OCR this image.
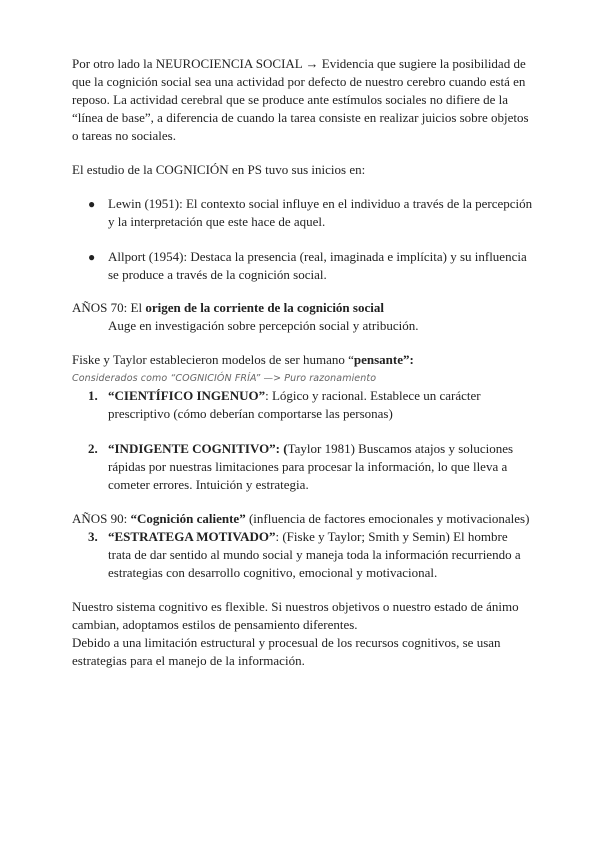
Por otro lado la NEUROCIENCIA SOCIAL → Evidencia que sugiere la posibilidad de

que la cognición social sea una actividad por defecto de nuestro cerebro cuando está en

reposo. La actividad cerebral que se produce ante estímulos sociales no difiere de la

“línea de base”, a diferencia de cuando la tarea consiste en realizar juicios sobre objetos

o tareas no sociales.

El estudio de la COGNICIÓN en PS tuvo sus inicios en:

● Lewin (1951): El contexto social influye en el individuo a través de la percepción

y la interpretación que este hace de aquel.

● Allport (1954): Destaca la presencia (real, imaginada e implícita) y su influencia

se produce a través de la cognición social.

AÑOS 70: El origen de la corriente de la cognición social

Auge en investigación sobre percepción social y atribución.

Fiske y Taylor establecieron modelos de ser humano “pensante”:

Considerados como “COGNICIÓN FRÍA” —> Puro razonamiento
1. “CIENTÍFICO INGENUO”: Lógico y racional. Establece un carácter

prescriptivo (cómo deberían comportarse las personas)

2. “INDIGENTE COGNITIVO”: (Taylor 1981) Buscamos atajos y soluciones

rápidas por nuestras limitaciones para procesar la información, lo que lleva a

cometer errores. Intuición y estrategia.

AÑOS 90: “Cognición caliente” (influencia de factores emocionales y motivacionales)

3. “ESTRATEGA MOTIVADO”: (Fiske y Taylor; Smith y Semin) El hombre

trata de dar sentido al mundo social y maneja toda la información recurriendo a

estrategias con desarrollo cognitivo, emocional y motivacional.

Nuestro sistema cognitivo es flexible. Si nuestros objetivos o nuestro estado de ánimo

cambian, adoptamos estilos de pensamiento diferentes.

Debido a una limitación estructural y procesual de los recursos cognitivos, se usan

estrategias para el manejo de la información.
